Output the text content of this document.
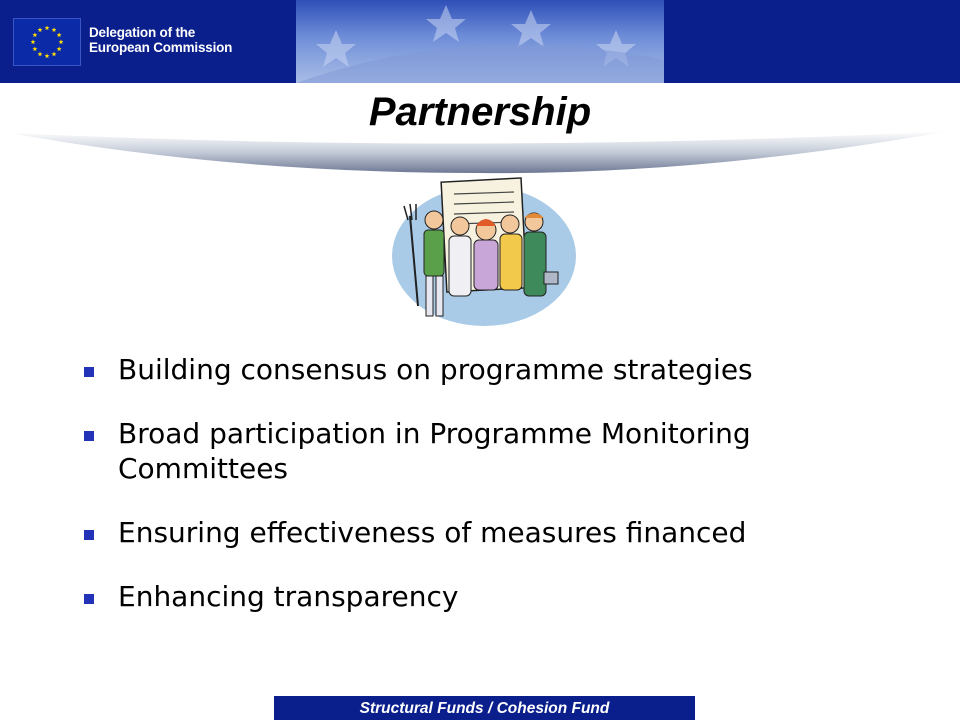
Delegation of the
European Commission
Partnership
Building consensus on programme strategies
Broad participation in Programme Monitoring Committees
Ensuring effectiveness of measures financed
Enhancing transparency
Structural Funds / Cohesion Fund
